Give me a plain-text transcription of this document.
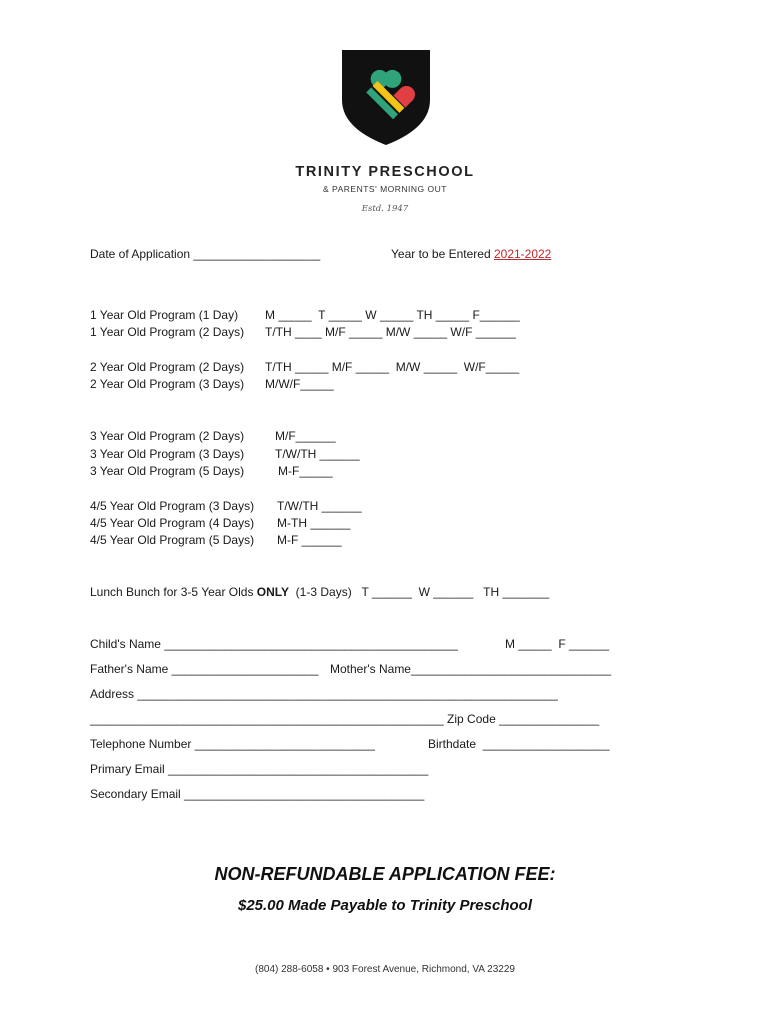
TRINITY PRESCHOOL
& PARENTS' MORNING OUT
Estd. 1947
Date of Application ___________________	Year to be Entered 2021-2022
1 Year Old Program (1 Day) M _____  T _____ W _____ TH _____ F______
1 Year Old Program (2 Days) T/TH ____ M/F _____ M/W _____ W/F ______
2 Year Old Program (2 Days) T/TH _____ M/F _____  M/W _____  W/F_____
2 Year Old Program (3 Days) M/W/F_____
3 Year Old Program (2 Days)	M/F______
3 Year Old Program (3 Days)	T/W/TH ______
3 Year Old Program (5 Days)	M-F_____
4/5 Year Old Program (3 Days) T/W/TH ______
4/5 Year Old Program (4 Days) M-TH ______
4/5 Year Old Program (5 Days) M-F ______
Lunch Bunch for 3-5 Year Olds ONLY  (1-3 Days)   T ______  W ______   TH _______
Child's Name ____________________________________________	M _____  F ______
Father's Name ______________________ Mother's Name______________________________
Address _______________________________________________________________
_____________________________________________________ Zip Code _______________
Telephone Number ___________________________	Birthdate  ___________________
Primary Email _______________________________________
Secondary Email ____________________________________
NON-REFUNDABLE APPLICATION FEE:
$25.00 Made Payable to Trinity Preschool
(804) 288-6058 • 903 Forest Avenue, Richmond, VA 23229
